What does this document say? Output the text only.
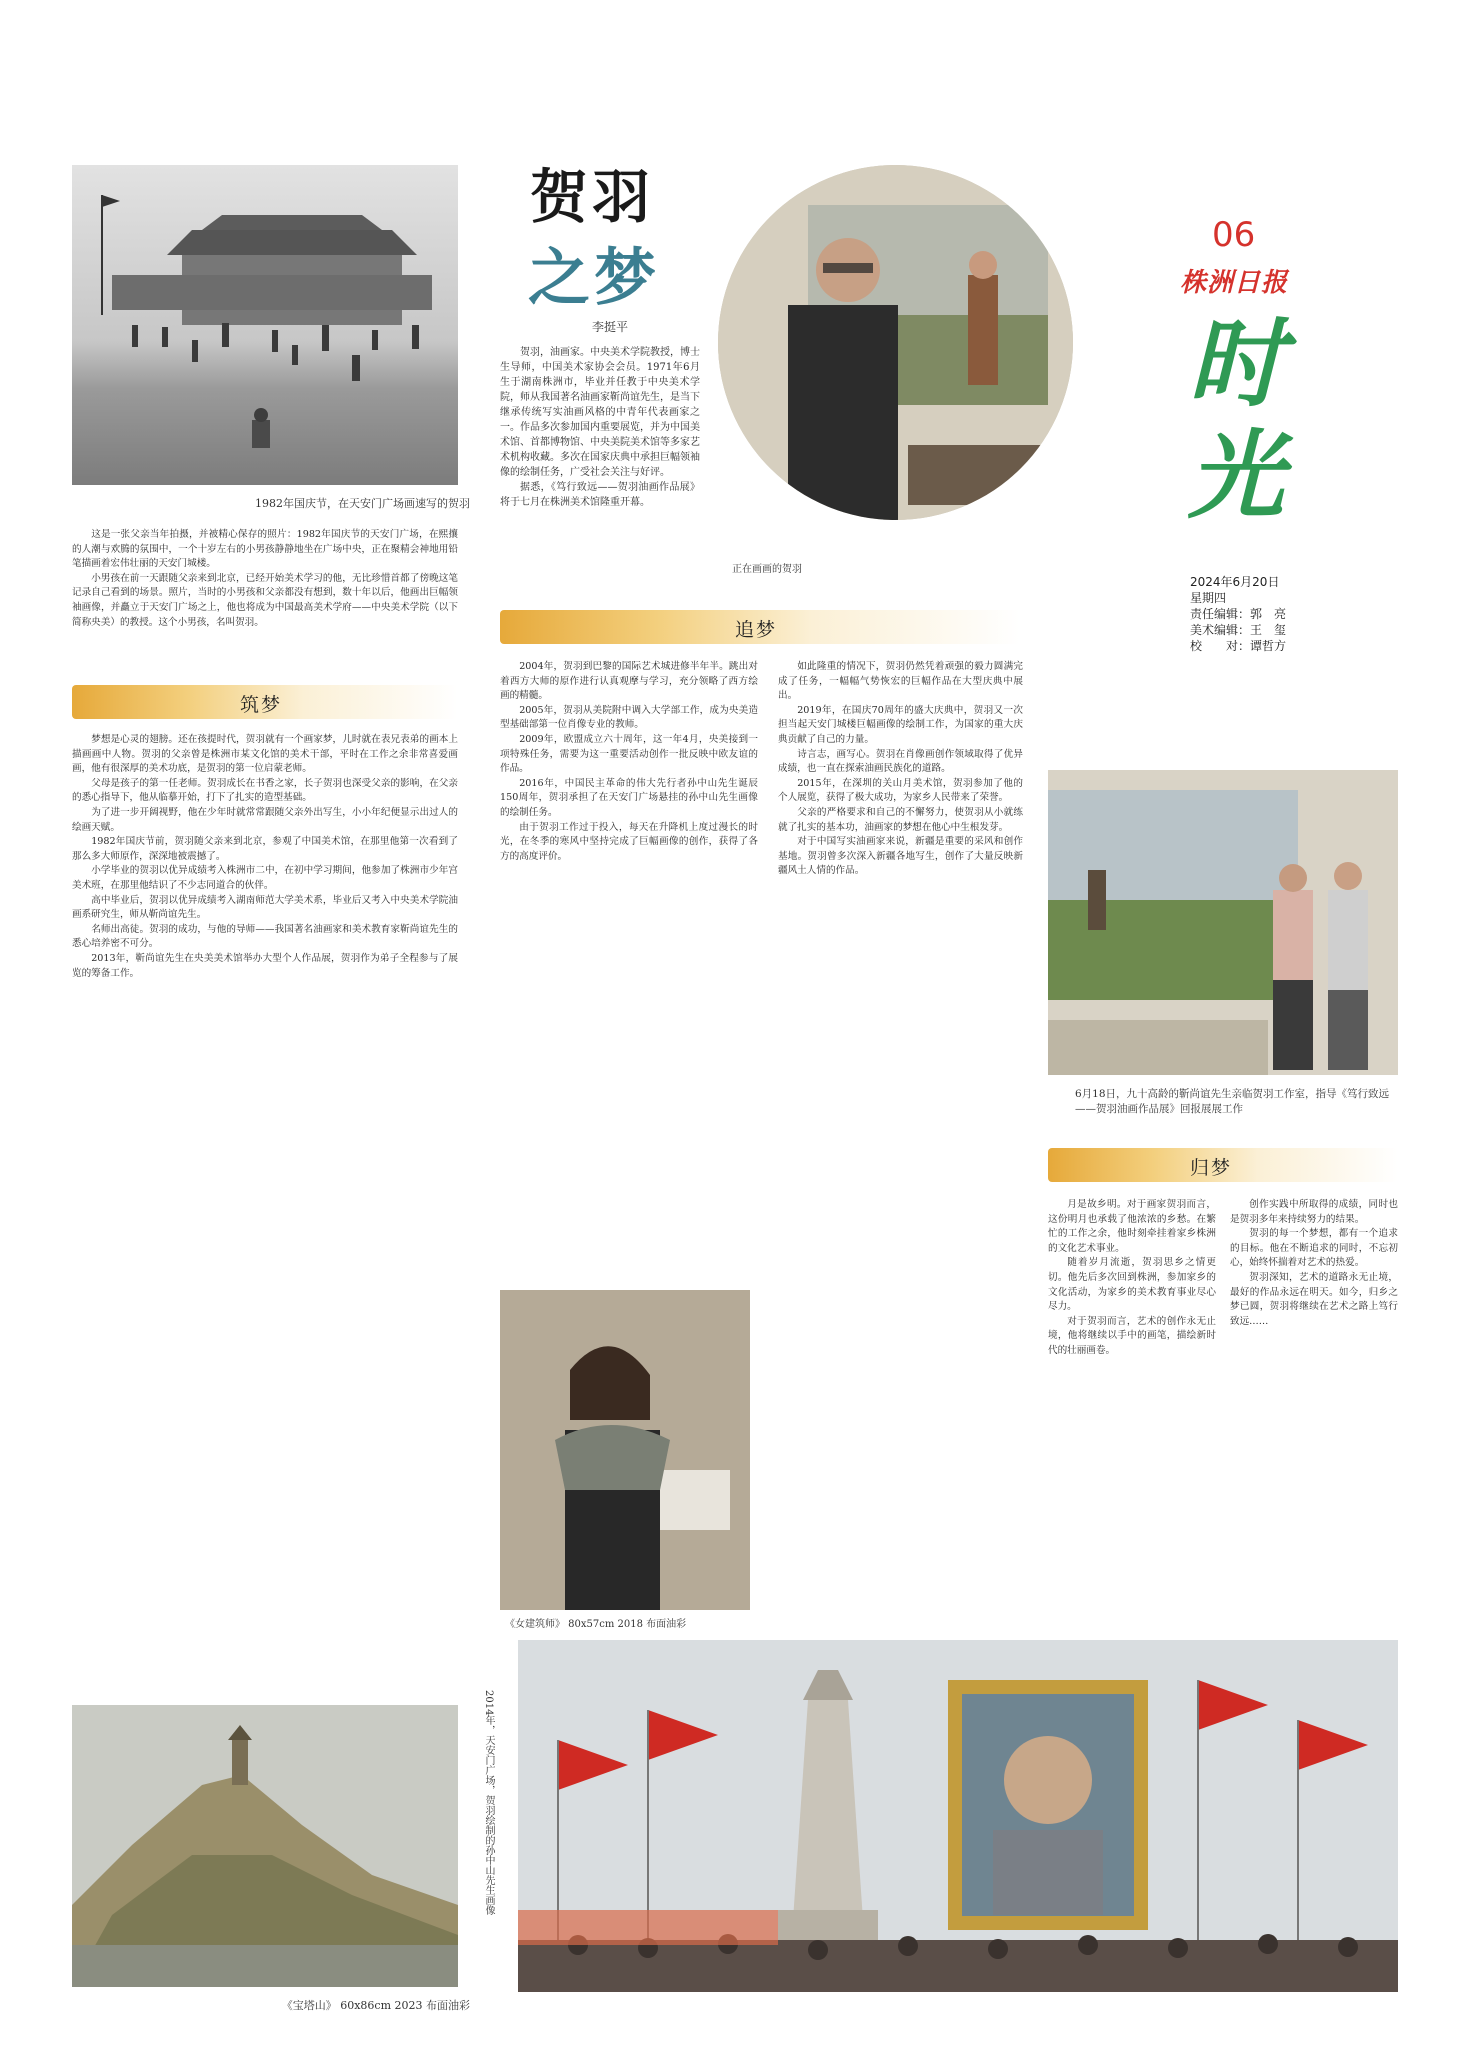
1982年国庆节，在天安门广场画速写的贺羽

这是一张父亲当年拍摄，并被精心保存的照片：1982年国庆节的天安门广场，在熙攘的人潮与欢腾的氛围中，一个十岁左右的小男孩静静地坐在广场中央，正在聚精会神地用铅笔描画着宏伟壮丽的天安门城楼。

小男孩在前一天跟随父亲来到北京，已经开始美术学习的他，无比珍惜首都了傍晚这笔记录自己看到的场景。照片，当时的小男孩和父亲都没有想到，数十年以后，他画出巨幅领袖画像，并矗立于天安门广场之上，他也将成为中国最高美术学府——中央美术学院（以下简称央美）的教授。这个小男孩，名叫贺羽。

筑梦

梦想是心灵的翅膀。还在孩提时代，贺羽就有一个画家梦，儿时就在表兄表弟的画本上描画画中人物。贺羽的父亲曾是株洲市某文化馆的美术干部，平时在工作之余非常喜爱画画，他有很深厚的美术功底，是贺羽的第一位启蒙老师。

父母是孩子的第一任老师。贺羽成长在书香之家，长子贺羽也深受父亲的影响，在父亲的悉心指导下，他从临摹开始，打下了扎实的造型基础。

为了进一步开阔视野，他在少年时就常常跟随父亲外出写生，小小年纪便显示出过人的绘画天赋。

1982年国庆节前，贺羽随父亲来到北京，参观了中国美术馆，在那里他第一次看到了那么多大师原作，深深地被震撼了。

小学毕业的贺羽以优异成绩考入株洲市二中，在初中学习期间，他参加了株洲市少年宫美术班，在那里他结识了不少志同道合的伙伴。

高中毕业后，贺羽以优异成绩考入湖南师范大学美术系，毕业后又考入中央美术学院油画系研究生，师从靳尚谊先生。

名师出高徒。贺羽的成功，与他的导师——我国著名油画家和美术教育家靳尚谊先生的悉心培养密不可分。

2013年，靳尚谊先生在央美美术馆举办大型个人作品展，贺羽作为弟子全程参与了展览的筹备工作。

《宝塔山》 60x86cm 2023 布面油彩
贺羽
之梦
李挺平

贺羽，油画家。中央美术学院教授，博士生导师，中国美术家协会会员。1971年6月生于湖南株洲市，毕业并任教于中央美术学院，师从我国著名油画家靳尚谊先生，是当下继承传统写实油画风格的中青年代表画家之一。作品多次参加国内重要展览，并为中国美术馆、首都博物馆、中央美院美术馆等多家艺术机构收藏。多次在国家庆典中承担巨幅领袖像的绘制任务，广受社会关注与好评。

据悉，《笃行致远——贺羽油画作品展》将于七月在株洲美术馆隆重开幕。

正在画画的贺羽
06
株洲日报
时光
2024年6月20日
星期四
责任编辑：郭　亮
美术编辑：王　玺
校　　对：谭哲方
追梦

2004年，贺羽到巴黎的国际艺术城进修半年半。跳出对着西方大师的原作进行认真观摩与学习，充分领略了西方绘画的精髓。

2005年，贺羽从美院附中调入大学部工作，成为央美造型基础部第一位肖像专业的教师。

2009年，欧盟成立六十周年，这一年4月，央美接到一项特殊任务，需要为这一重要活动创作一批反映中欧友谊的作品。

2016年，中国民主革命的伟大先行者孙中山先生诞辰150周年，贺羽承担了在天安门广场悬挂的孙中山先生画像的绘制任务。

由于贺羽工作过于投入，每天在升降机上度过漫长的时光，在冬季的寒风中坚持完成了巨幅画像的创作，获得了各方的高度评价。

如此隆重的情况下，贺羽仍然凭着顽强的毅力圆满完成了任务，一幅幅气势恢宏的巨幅作品在大型庆典中展出。

2019年，在国庆70周年的盛大庆典中，贺羽又一次担当起天安门城楼巨幅画像的绘制工作，为国家的重大庆典贡献了自己的力量。

诗言志，画写心。贺羽在肖像画创作领域取得了优异成绩，也一直在探索油画民族化的道路。

2015年，在深圳的关山月美术馆，贺羽参加了他的个人展览，获得了极大成功，为家乡人民带来了荣誉。

父亲的严格要求和自己的不懈努力，使贺羽从小就练就了扎实的基本功，油画家的梦想在他心中生根发芽。

对于中国写实油画家来说，新疆是重要的采风和创作基地。贺羽曾多次深入新疆各地写生，创作了大量反映新疆风土人情的作品。

6月18日，九十高龄的靳尚谊先生亲临贺羽工作室，指导《笃行致远——贺羽油画作品展》回报展展工作
归梦

月是故乡明。对于画家贺羽而言，这份明月也承载了他浓浓的乡愁。在繁忙的工作之余，他时刻牵挂着家乡株洲的文化艺术事业。

随着岁月流逝，贺羽思乡之情更切。他先后多次回到株洲，参加家乡的文化活动，为家乡的美术教育事业尽心尽力。

对于贺羽而言，艺术的创作永无止境，他将继续以手中的画笔，描绘新时代的壮丽画卷。

创作实践中所取得的成绩，同时也是贺羽多年来持续努力的结果。

贺羽的每一个梦想，都有一个追求的目标。他在不断追求的同时，不忘初心，始终怀揣着对艺术的热爱。

贺羽深知，艺术的道路永无止境，最好的作品永远在明天。如今，归乡之梦已圆，贺羽将继续在艺术之路上笃行致远……

《女建筑师》 80x57cm 2018 布面油彩
2014年，天安门广场，贺羽绘制的孙中山先生画像
